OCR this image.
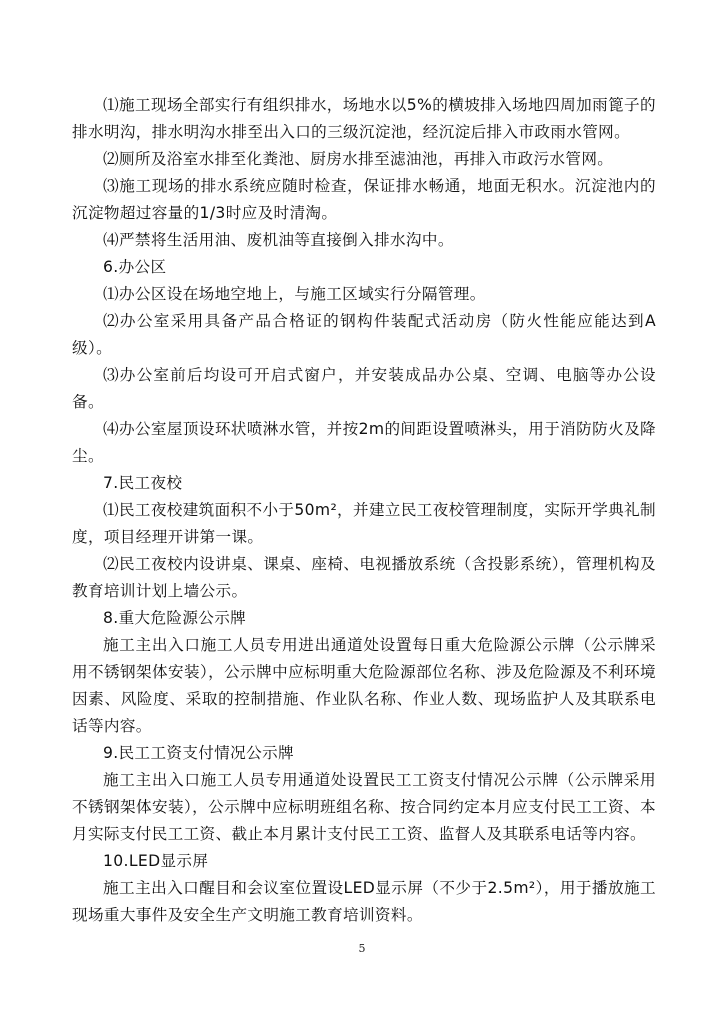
⑴施工现场全部实行有组织排水，场地水以5%的横坡排入场地四周加雨篦子的排水明沟，排水明沟水排至出入口的三级沉淀池，经沉淀后排入市政雨水管网。

⑵厕所及浴室水排至化粪池、厨房水排至滤油池，再排入市政污水管网。

⑶施工现场的排水系统应随时检查，保证排水畅通，地面无积水。沉淀池内的沉淀物超过容量的1/3时应及时清淘。

⑷严禁将生活用油、废机油等直接倒入排水沟中。

6.办公区

⑴办公区设在场地空地上，与施工区域实行分隔管理。

⑵办公室采用具备产品合格证的钢构件装配式活动房（防火性能应能达到A级）。

⑶办公室前后均设可开启式窗户，并安装成品办公桌、空调、电脑等办公设备。

⑷办公室屋顶设环状喷淋水管，并按2m的间距设置喷淋头，用于消防防火及降尘。

7.民工夜校

⑴民工夜校建筑面积不小于50m²，并建立民工夜校管理制度，实际开学典礼制度，项目经理开讲第一课。

⑵民工夜校内设讲桌、课桌、座椅、电视播放系统（含投影系统），管理机构及教育培训计划上墙公示。

8.重大危险源公示牌

施工主出入口施工人员专用进出通道处设置每日重大危险源公示牌（公示牌采用不锈钢架体安装），公示牌中应标明重大危险源部位名称、涉及危险源及不利环境因素、风险度、采取的控制措施、作业队名称、作业人数、现场监护人及其联系电话等内容。

9.民工工资支付情况公示牌

施工主出入口施工人员专用通道处设置民工工资支付情况公示牌（公示牌采用不锈钢架体安装），公示牌中应标明班组名称、按合同约定本月应支付民工工资、本月实际支付民工工资、截止本月累计支付民工工资、监督人及其联系电话等内容。

10.LED显示屏

施工主出入口醒目和会议室位置设LED显示屏（不少于2.5m²），用于播放施工现场重大事件及安全生产文明施工教育培训资料。

5
